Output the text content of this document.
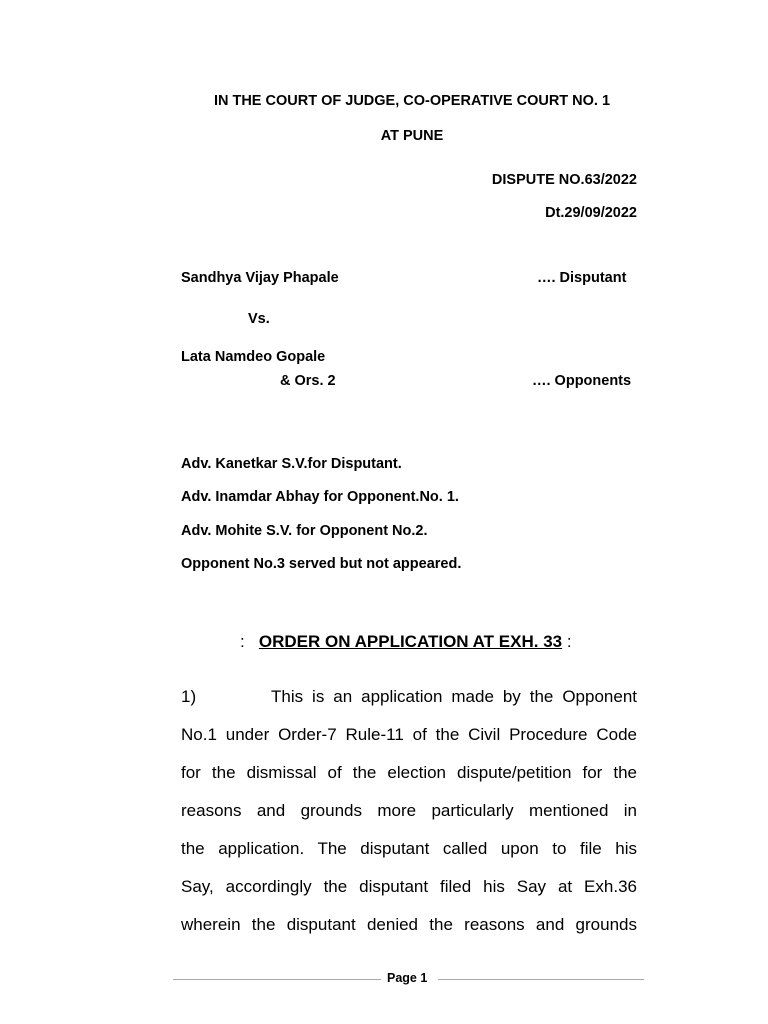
IN THE COURT OF JUDGE, CO-OPERATIVE COURT NO. 1
AT PUNE
DISPUTE NO.63/2022
Dt.29/09/2022
Sandhya Vijay Phapale	…. Disputant
Vs.
Lata Namdeo Gopale
& Ors. 2	…. Opponents
Adv. Kanetkar S.V.for Disputant.
Adv. Inamdar Abhay for Opponent.No. 1.
Adv. Mohite S.V. for Opponent No.2.
Opponent No.3 served but not appeared.
: ORDER ON APPLICATION AT EXH. 33 :
1)	This is an application made by the Opponent
No.1 under Order-7 Rule-11 of the Civil Procedure Code
for the dismissal of the election dispute/petition for the
reasons and grounds more particularly mentioned in
the application. The disputant called upon to file his
Say, accordingly the disputant filed his Say at Exh.36
wherein the disputant denied the reasons and grounds
Page 1
